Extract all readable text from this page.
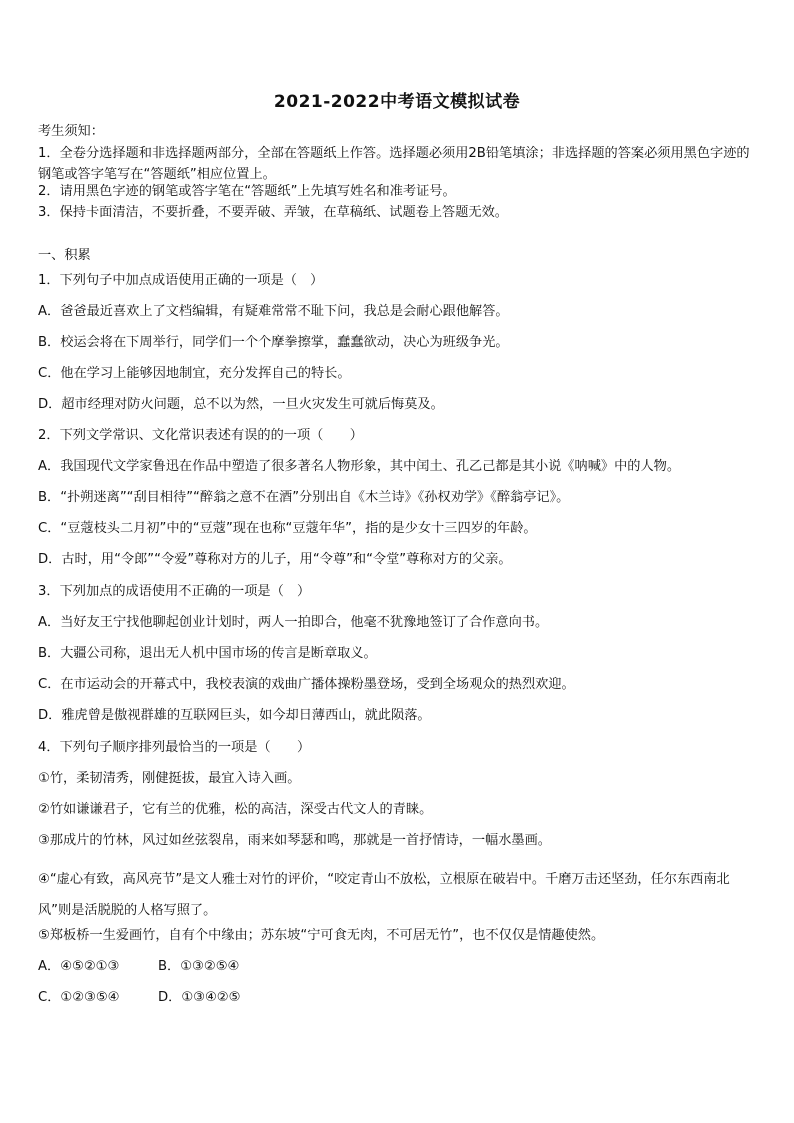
2021-2022中考语文模拟试卷
考生须知：
1．全卷分选择题和非选择题两部分，全部在答题纸上作答。选择题必须用2B铅笔填涂；非选择题的答案必须用黑色字迹的钢笔或答字笔写在“答题纸”相应位置上。
2．请用黑色字迹的钢笔或答字笔在“答题纸”上先填写姓名和准考证号。
3．保持卡面清洁，不要折叠，不要弄破、弄皱，在草稿纸、试题卷上答题无效。
一、积累
1．下列句子中加点成语使用正确的一项是（　）
A．爸爸最近喜欢上了文档编辑，有疑难常常不耻下问，我总是会耐心跟他解答。
B．校运会将在下周举行，同学们一个个摩拳擦掌，蠢蠢欲动，决心为班级争光。
C．他在学习上能够因地制宜，充分发挥自己的特长。
D．超市经理对防火问题，总不以为然，一旦火灾发生可就后悔莫及。
2．下列文学常识、文化常识表述有误的的一项（　　）
A．我国现代文学家鲁迅在作品中塑造了很多著名人物形象，其中闰土、孔乙己都是其小说《呐喊》中的人物。
B．“扑朔迷离”“刮目相待”“醉翁之意不在酒”分别出自《木兰诗》《孙权劝学》《醉翁亭记》。
C．“豆蔻枝头二月初”中的“豆蔻”现在也称“豆蔻年华”，指的是少女十三四岁的年龄。
D．古时，用“令郎”“令爱”尊称对方的儿子，用“令尊”和“令堂”尊称对方的父亲。
3．下列加点的成语使用不正确的一项是（　）
A．当好友王宁找他聊起创业计划时，两人一拍即合，他毫不犹豫地签订了合作意向书。
B．大疆公司称，退出无人机中国市场的传言是断章取义。
C．在市运动会的开幕式中，我校表演的戏曲广播体操粉墨登场，受到全场观众的热烈欢迎。
D．雅虎曾是傲视群雄的互联网巨头，如今却日薄西山，就此陨落。
4．下列句子顺序排列最恰当的一项是（　　）
①竹，柔韧清秀，刚健挺拔，最宜入诗入画。
②竹如谦谦君子，它有兰的优雅，松的高洁，深受古代文人的青睐。
③那成片的竹林，风过如丝弦裂帛，雨来如琴瑟和鸣，那就是一首抒情诗，一幅水墨画。
④“虚心有致，高风亮节”是文人雅士对竹的评价，“咬定青山不放松，立根原在破岩中。千磨万击还坚劲，任尔东西南北风”则是活脱脱的人格写照了。
⑤郑板桥一生爱画竹，自有个中缘由；苏东坡“宁可食无肉，不可居无竹”，也不仅仅是情趣使然。
A．④⑤②①③	B．①③②⑤④
C．①②③⑤④	D．①③④②⑤
